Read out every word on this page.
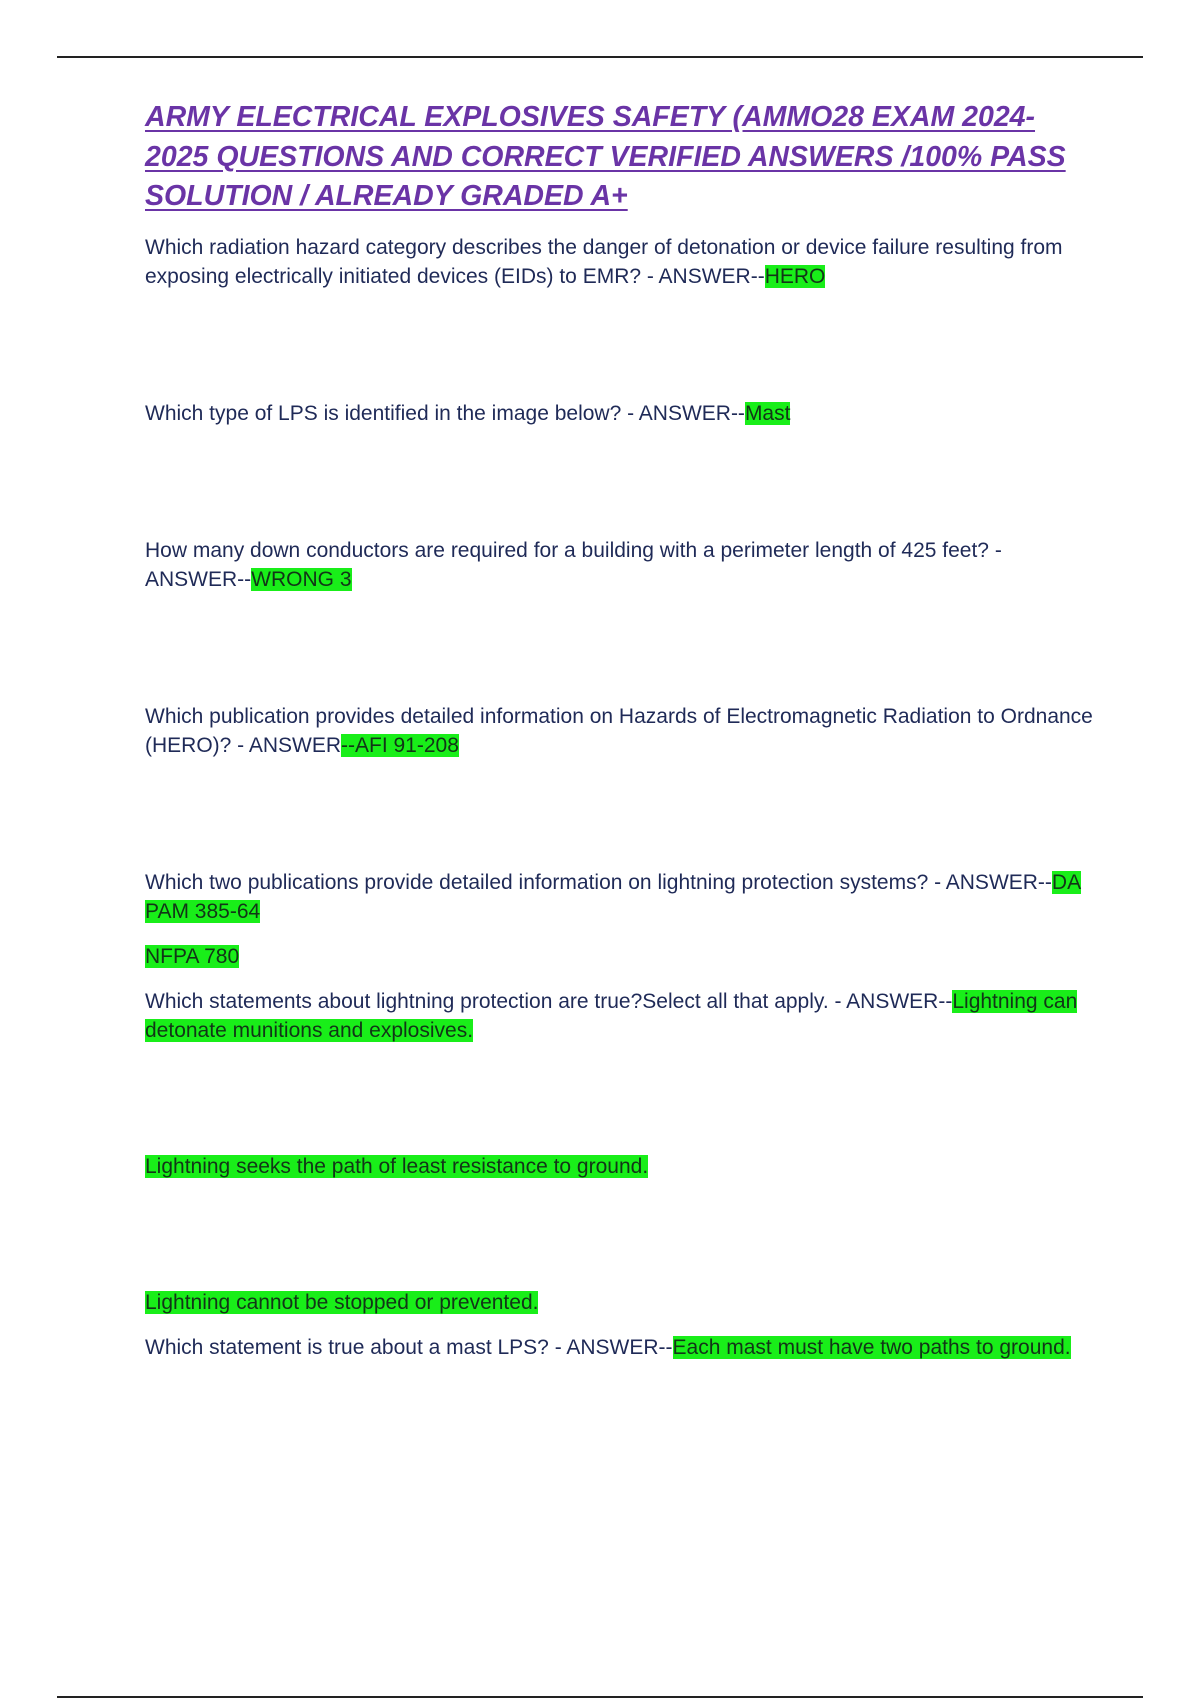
ARMY ELECTRICAL EXPLOSIVES SAFETY (AMMO28 EXAM 2024-2025 QUESTIONS AND CORRECT VERIFIED ANSWERS /100% PASS SOLUTION / ALREADY GRADED A+

Which radiation hazard category describes the danger of detonation or device failure resulting from exposing electrically initiated devices (EIDs) to EMR? - ANSWER--HERO

Which type of LPS is identified in the image below? - ANSWER--Mast

How many down conductors are required for a building with a perimeter length of 425 feet? - ANSWER--WRONG 3

Which publication provides detailed information on Hazards of Electromagnetic Radiation to Ordnance (HERO)? - ANSWER--AFI 91-208

Which two publications provide detailed information on lightning protection systems? - ANSWER--DA PAM 385-64

NFPA 780

Which statements about lightning protection are true?Select all that apply. - ANSWER--Lightning can detonate munitions and explosives.

Lightning seeks the path of least resistance to ground.

Lightning cannot be stopped or prevented.

Which statement is true about a mast LPS? - ANSWER--Each mast must have two paths to ground.
